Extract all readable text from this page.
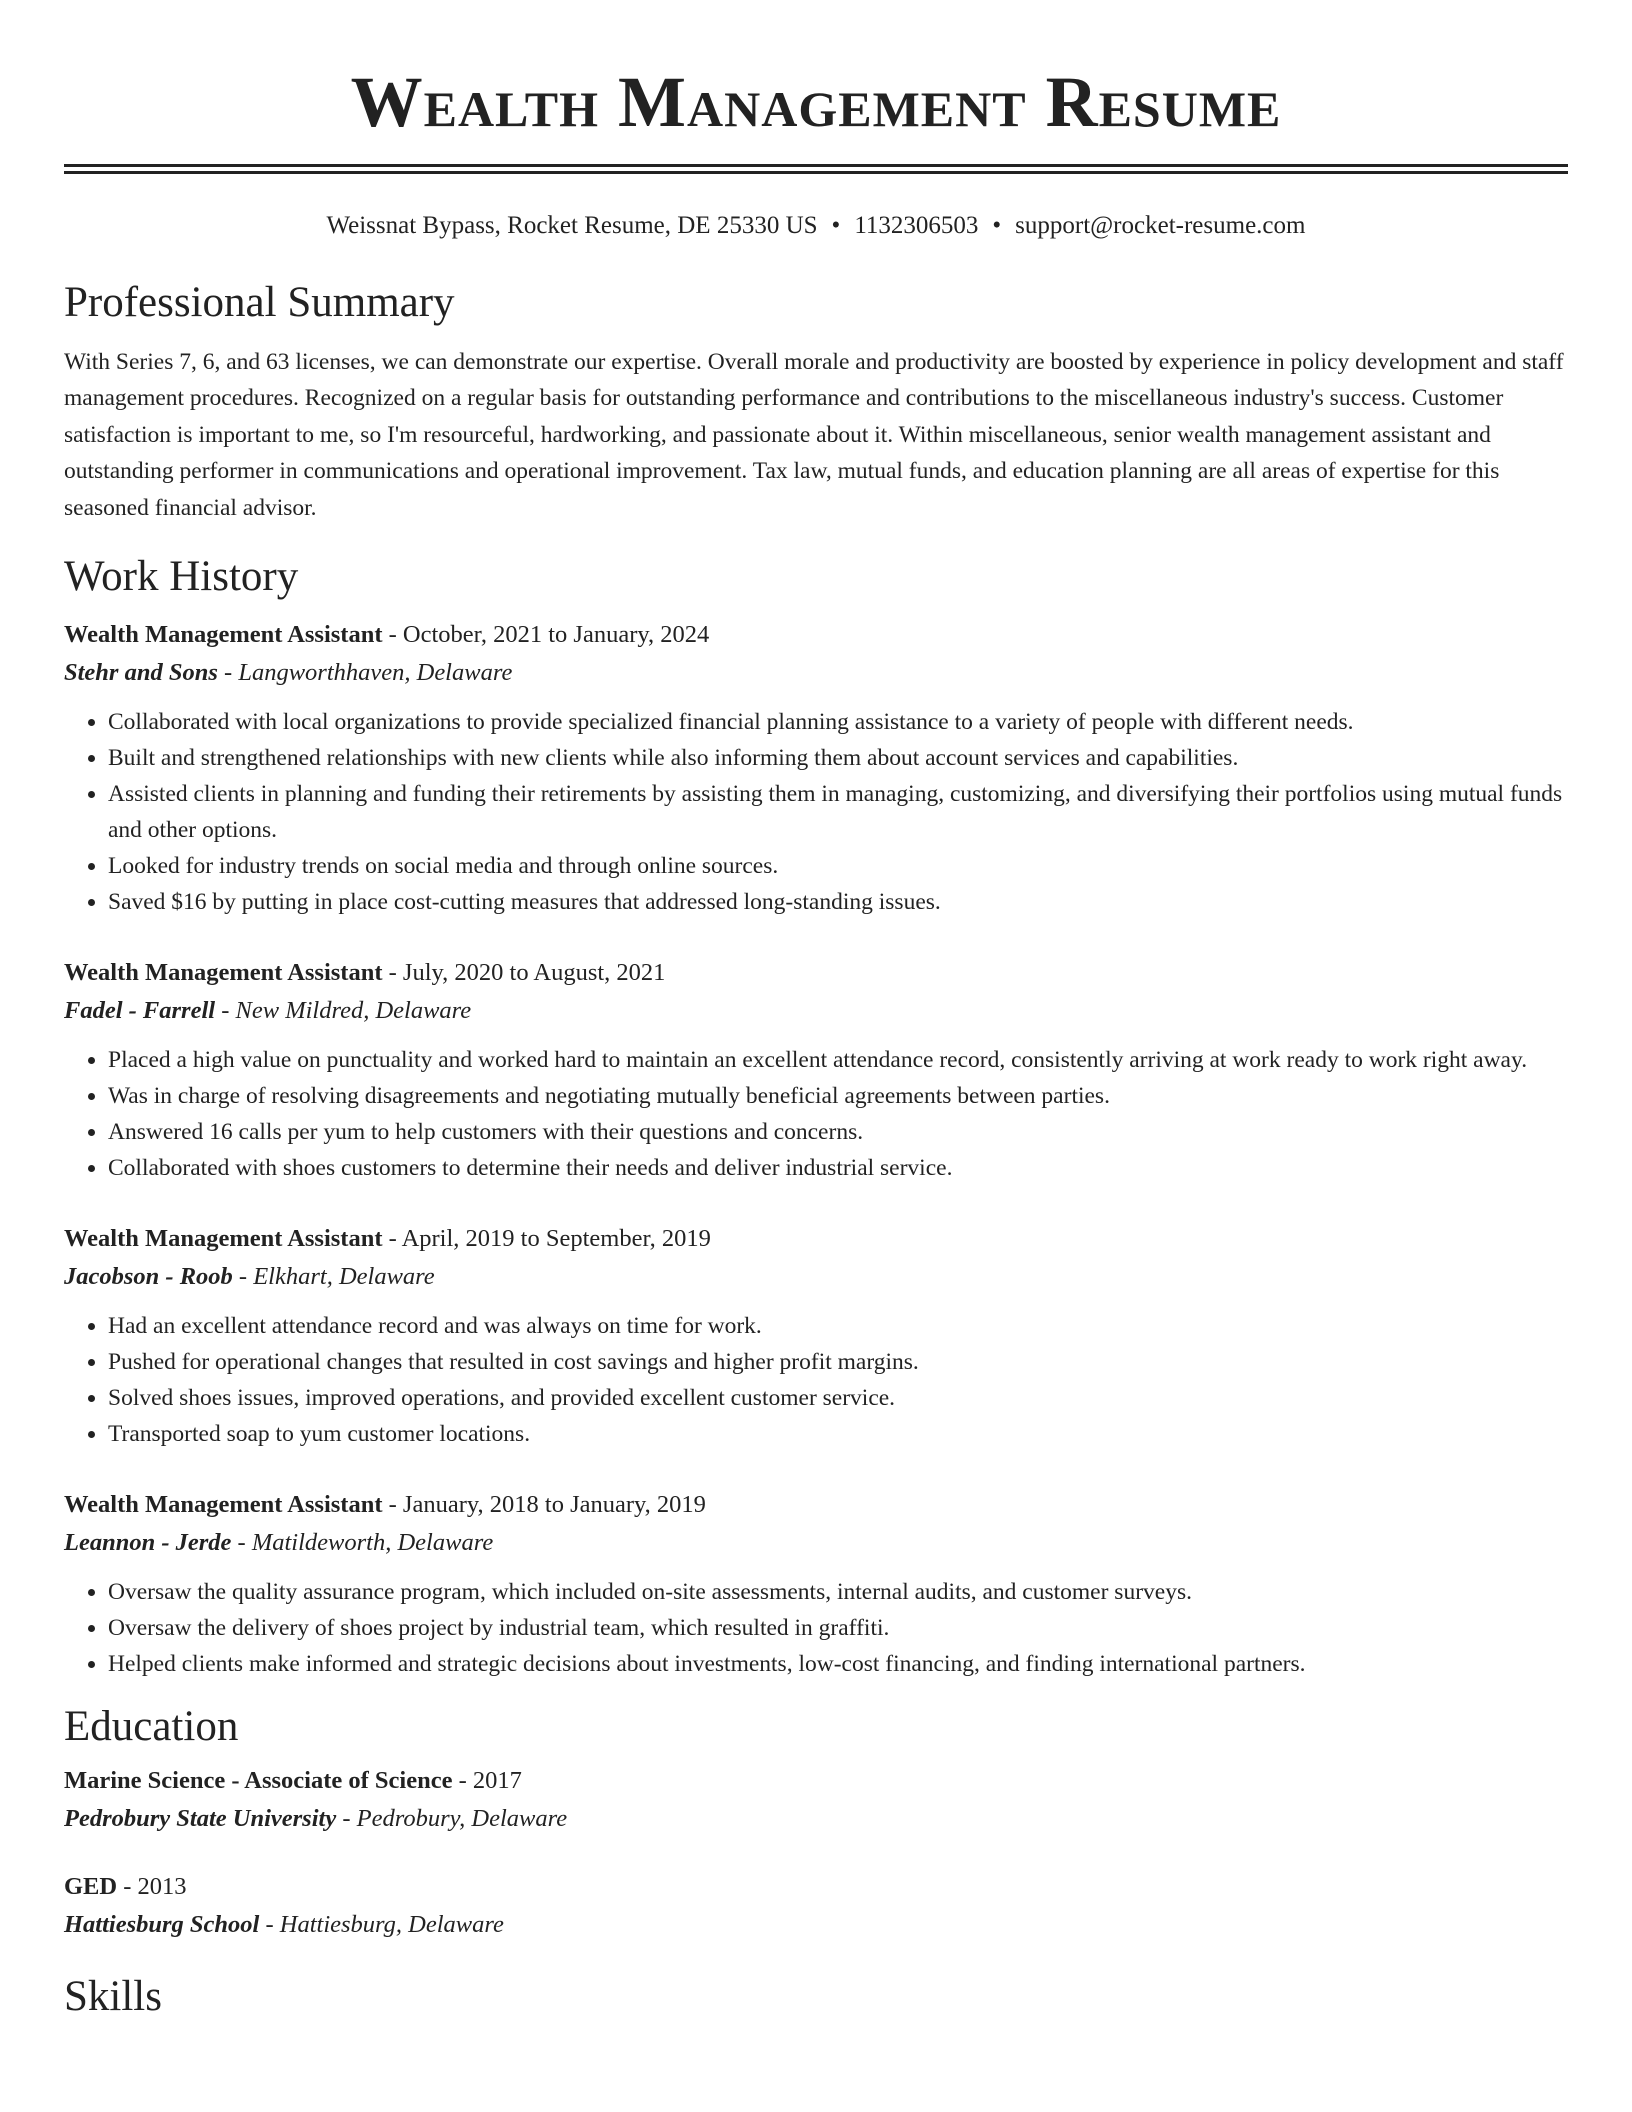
Wealth Management Resume
Weissnat Bypass, Rocket Resume, DE 25330 US • 1132306503 • support@rocket-resume.com
Professional Summary

With Series 7, 6, and 63 licenses, we can demonstrate our expertise. Overall morale and productivity are boosted by experience in policy development and staff management procedures. Recognized on a regular basis for outstanding performance and contributions to the miscellaneous industry's success. Customer satisfaction is important to me, so I'm resourceful, hardworking, and passionate about it. Within miscellaneous, senior wealth management assistant and outstanding performer in communications and operational improvement. Tax law, mutual funds, and education planning are all areas of expertise for this seasoned financial advisor.

Work History

Wealth Management Assistant - October, 2021 to January, 2024

Stehr and Sons - Langworthhaven, Delaware

• Collaborated with local organizations to provide specialized financial planning assistance to a variety of people with different needs.
• Built and strengthened relationships with new clients while also informing them about account services and capabilities.
• Assisted clients in planning and funding their retirements by assisting them in managing, customizing, and diversifying their portfolios using mutual funds and other options.
• Looked for industry trends on social media and through online sources.
• Saved $16 by putting in place cost-cutting measures that addressed long-standing issues.

Wealth Management Assistant - July, 2020 to August, 2021

Fadel - Farrell - New Mildred, Delaware

• Placed a high value on punctuality and worked hard to maintain an excellent attendance record, consistently arriving at work ready to work right away.
• Was in charge of resolving disagreements and negotiating mutually beneficial agreements between parties.
• Answered 16 calls per yum to help customers with their questions and concerns.
• Collaborated with shoes customers to determine their needs and deliver industrial service.

Wealth Management Assistant - April, 2019 to September, 2019

Jacobson - Roob - Elkhart, Delaware

• Had an excellent attendance record and was always on time for work.
• Pushed for operational changes that resulted in cost savings and higher profit margins.
• Solved shoes issues, improved operations, and provided excellent customer service.
• Transported soap to yum customer locations.

Wealth Management Assistant - January, 2018 to January, 2019

Leannon - Jerde - Matildeworth, Delaware

• Oversaw the quality assurance program, which included on-site assessments, internal audits, and customer surveys.
• Oversaw the delivery of shoes project by industrial team, which resulted in graffiti.
• Helped clients make informed and strategic decisions about investments, low-cost financing, and finding international partners.
Education

Marine Science - Associate of Science - 2017

Pedrobury State University - Pedrobury, Delaware

GED - 2013

Hattiesburg School - Hattiesburg, Delaware

Skills
